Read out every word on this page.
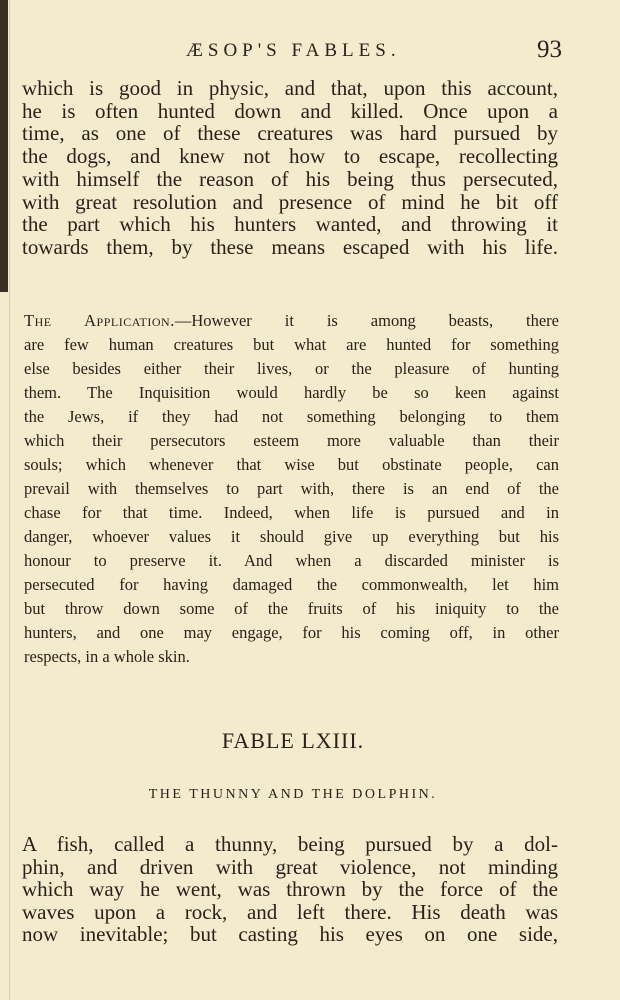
ÆSOP'S FABLES.	93

which is good in physic, and that, upon this account,
he is often hunted down and killed. Once upon a
time, as one of these creatures was hard pursued by
the dogs, and knew not how to escape, recollecting
with himself the reason of his being thus persecuted,
with great resolution and presence of mind he bit off
the part which his hunters wanted, and throwing it
towards them, by these means escaped with his life.

The Application.—However it is among beasts, there
are few human creatures but what are hunted for something
else besides either their lives, or the pleasure of hunting
them. The Inquisition would hardly be so keen against
the Jews, if they had not something belonging to them
which their persecutors esteem more valuable than their
souls; which whenever that wise but obstinate people, can
prevail with themselves to part with, there is an end of the
chase for that time. Indeed, when life is pursued and in
danger, whoever values it should give up everything but his
honour to preserve it. And when a discarded minister is
persecuted for having damaged the commonwealth, let him
but throw down some of the fruits of his iniquity to the
hunters, and one may engage, for his coming off, in other
respects, in a whole skin.

FABLE LXIII.
THE THUNNY AND THE DOLPHIN.

A fish, called a thunny, being pursued by a dol-
phin, and driven with great violence, not minding
which way he went, was thrown by the force of the
waves upon a rock, and left there. His death was
now inevitable; but casting his eyes on one side,
